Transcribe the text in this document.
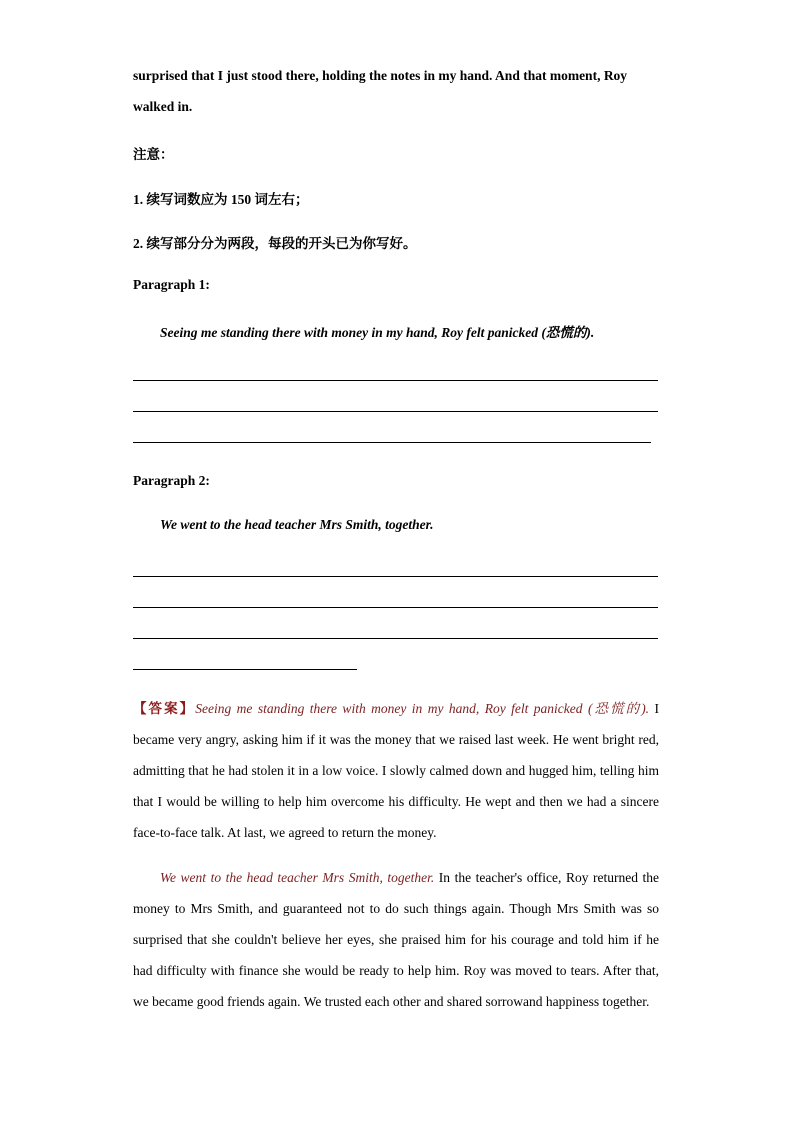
surprised that I just stood there, holding the notes in my hand. And that moment, Roy
walked in.
注意：
1. 续写词数应为 150 词左右；
2. 续写部分分为两段，每段的开头已为你写好。
Paragraph 1:
Seeing me standing there with money in my hand, Roy felt panicked (恐慌的).
Paragraph 2:
We went to the head teacher Mrs Smith, together.
【答案】Seeing me standing there with money in my hand, Roy felt panicked (恐慌的). I became very angry, asking him if it was the money that we raised last week. He went bright red, admitting that he had stolen it in a low voice. I slowly calmed down and hugged him, telling him that I would be willing to help him overcome his difficulty. He wept and then we had a sincere face-to-face talk. At last, we agreed to return the money.
We went to the head teacher Mrs Smith, together. In the teacher's office, Roy returned the money to Mrs Smith, and guaranteed not to do such things again. Though Mrs Smith was so surprised that she couldn't believe her eyes, she praised him for his courage and told him if he had difficulty with finance she would be ready to help him. Roy was moved to tears. After that, we became good friends again. We trusted each other and shared sorrowand happiness together.
